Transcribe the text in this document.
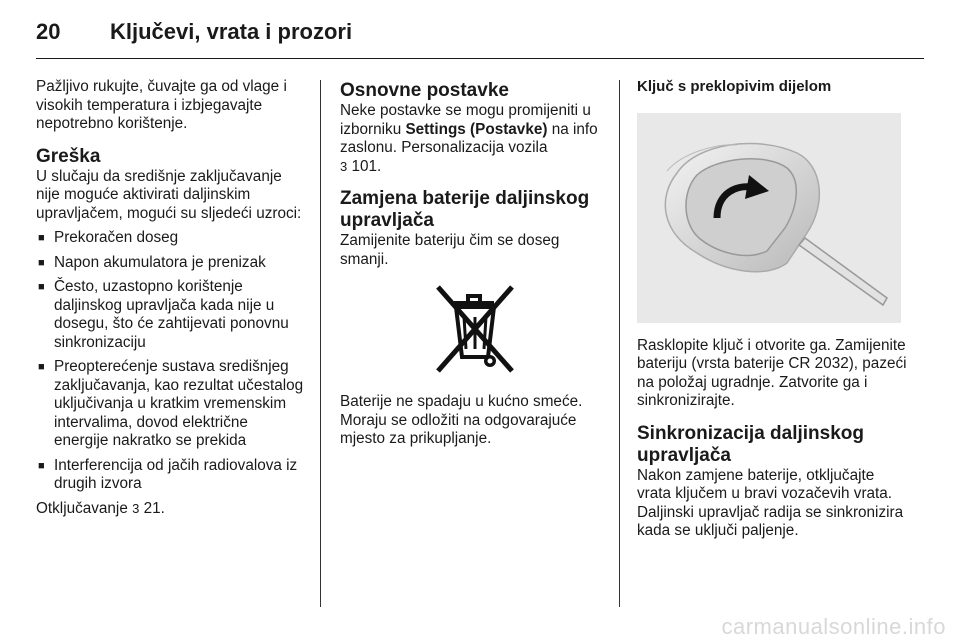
20	Ključevi, vrata i prozori

Pažljivo rukujte, čuvajte ga od vlage i visokih temperatura i izbjegavajte nepotrebno korištenje.

Greška

U slučaju da središnje zaključavanje nije moguće aktivirati daljinskim upravljačem, mogući su sljedeći uzroci:

■ Prekoračen doseg
■ Napon akumulatora je prenizak
■ Često, uzastopno korištenje daljinskog upravljača kada nije u dosegu, što će zahtijevati ponovnu sinkronizaciju
■ Preopterećenje sustava središnjeg zaključavanja, kao rezultat učestalog uključivanja u kratkim vremenskim intervalima, dovod električne energije nakratko se prekida
■ Interferencija od jačih radiovalova iz drugih izvora

Otključavanje 3 21.

Osnovne postavke

Neke postavke se mogu promijeniti u izborniku Settings (Postavke) na info zaslonu. Personalizacija vozila
3 101.

Zamjena baterije daljinskog upravljača

Zamijenite bateriju čim se doseg smanji.

Baterije ne spadaju u kućno smeće. Moraju se odložiti na odgovarajuće mjesto za prikupljanje.

Ključ s preklopivim dijelom

Rasklopite ključ i otvorite ga. Zamijenite bateriju (vrsta baterije CR 2032), pazeći na položaj ugradnje. Zatvorite ga i sinkronizirajte.

Sinkronizacija daljinskog upravljača

Nakon zamjene baterije, otključajte vrata ključem u bravi vozačevih vrata. Daljinski upravljač radija se sinkronizira kada se uključi paljenje.

carmanualsonline.info
